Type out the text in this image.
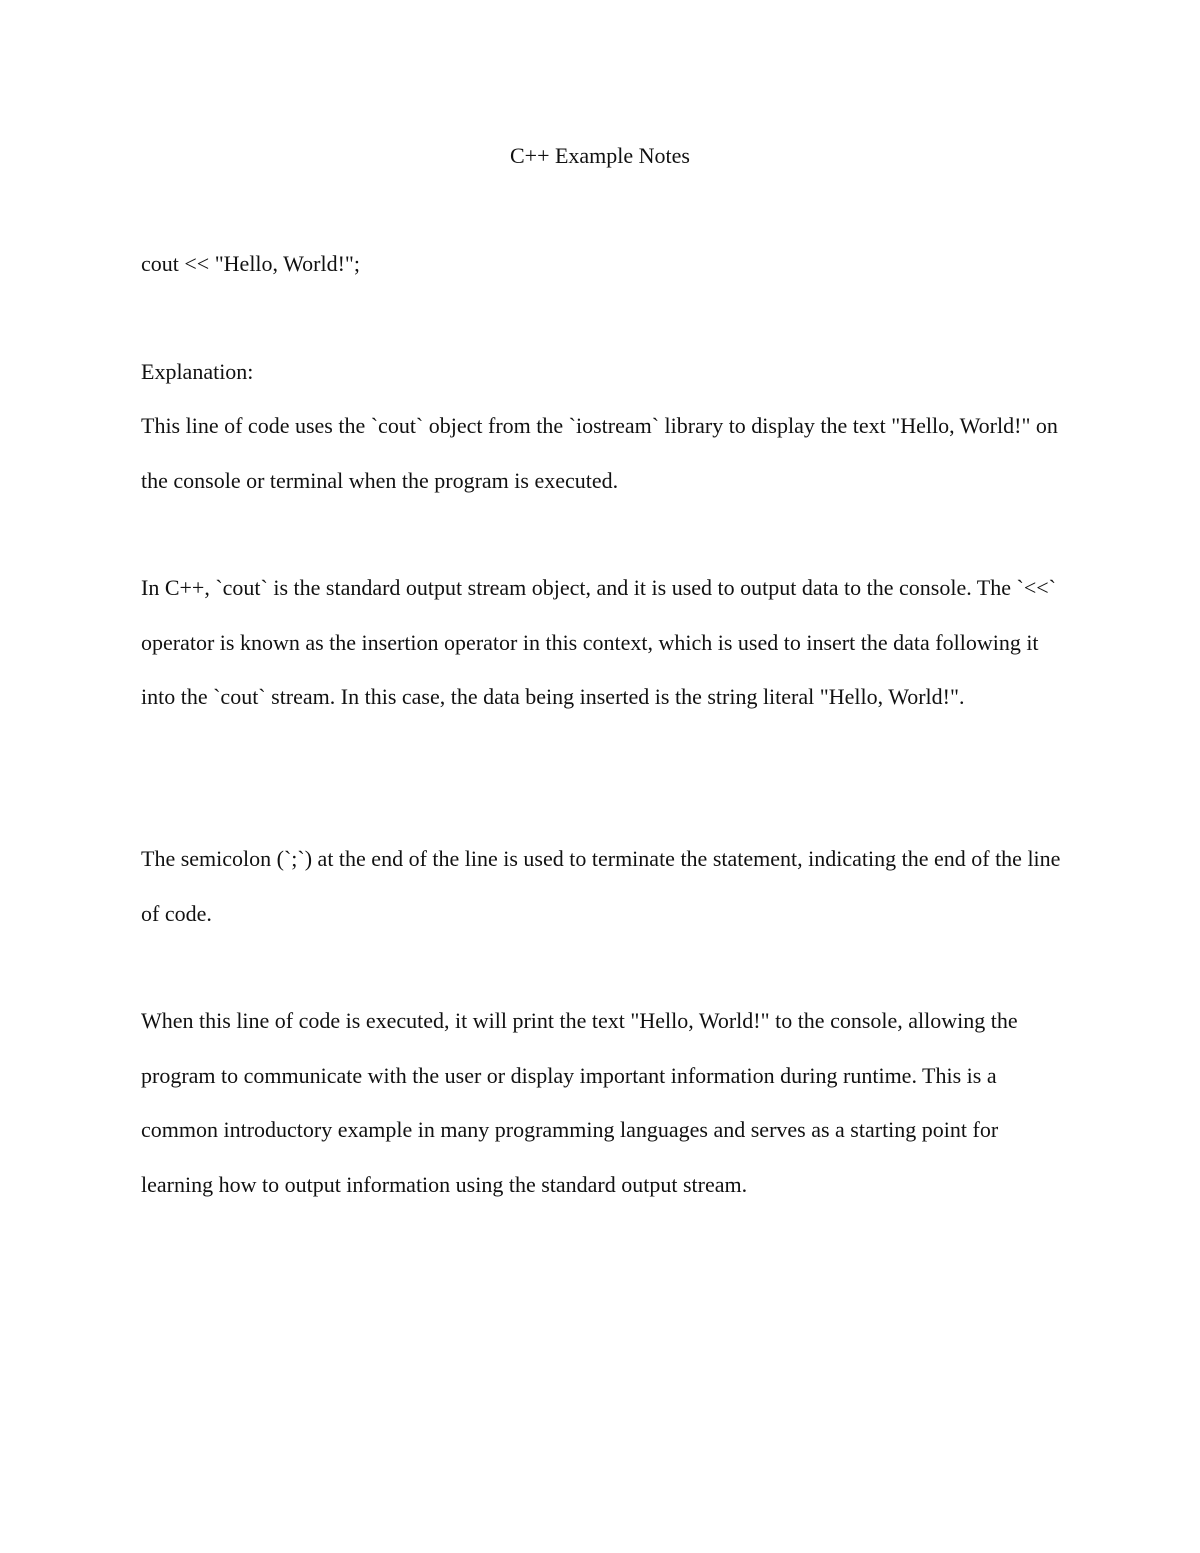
C++ Example Notes

cout << "Hello, World!";

Explanation:

This line of code uses the `cout` object from the `iostream` library to display the text "Hello, World!" on the console or terminal when the program is executed.

In C++, `cout` is the standard output stream object, and it is used to output data to the console. The `<<` operator is known as the insertion operator in this context, which is used to insert the data following it into the `cout` stream. In this case, the data being inserted is the string literal "Hello, World!".

The semicolon (`;`) at the end of the line is used to terminate the statement, indicating the end of the line of code.

When this line of code is executed, it will print the text "Hello, World!" to the console, allowing the program to communicate with the user or display important information during runtime. This is a common introductory example in many programming languages and serves as a starting point for learning how to output information using the standard output stream.
